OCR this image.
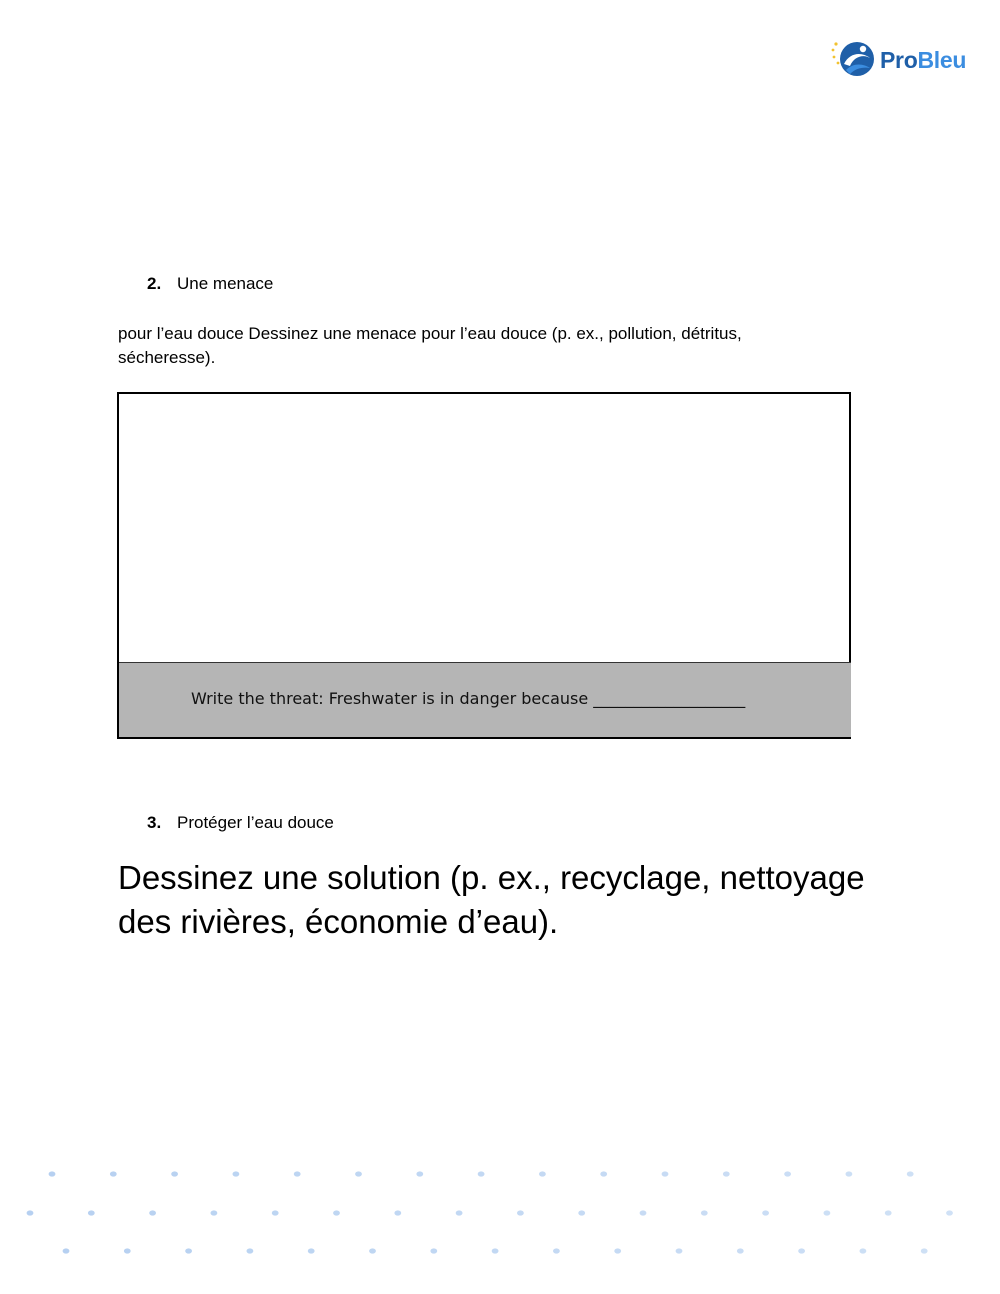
ProBleu
2. Une menace
pour l’eau douce Dessinez une menace pour l’eau douce (p. ex., pollution, détritus, sécheresse).
Write the threat: Freshwater is in danger because ___________________
3. Protéger l’eau douce
Dessinez une solution (p. ex., recyclage, nettoyage des rivières, économie d’eau).
